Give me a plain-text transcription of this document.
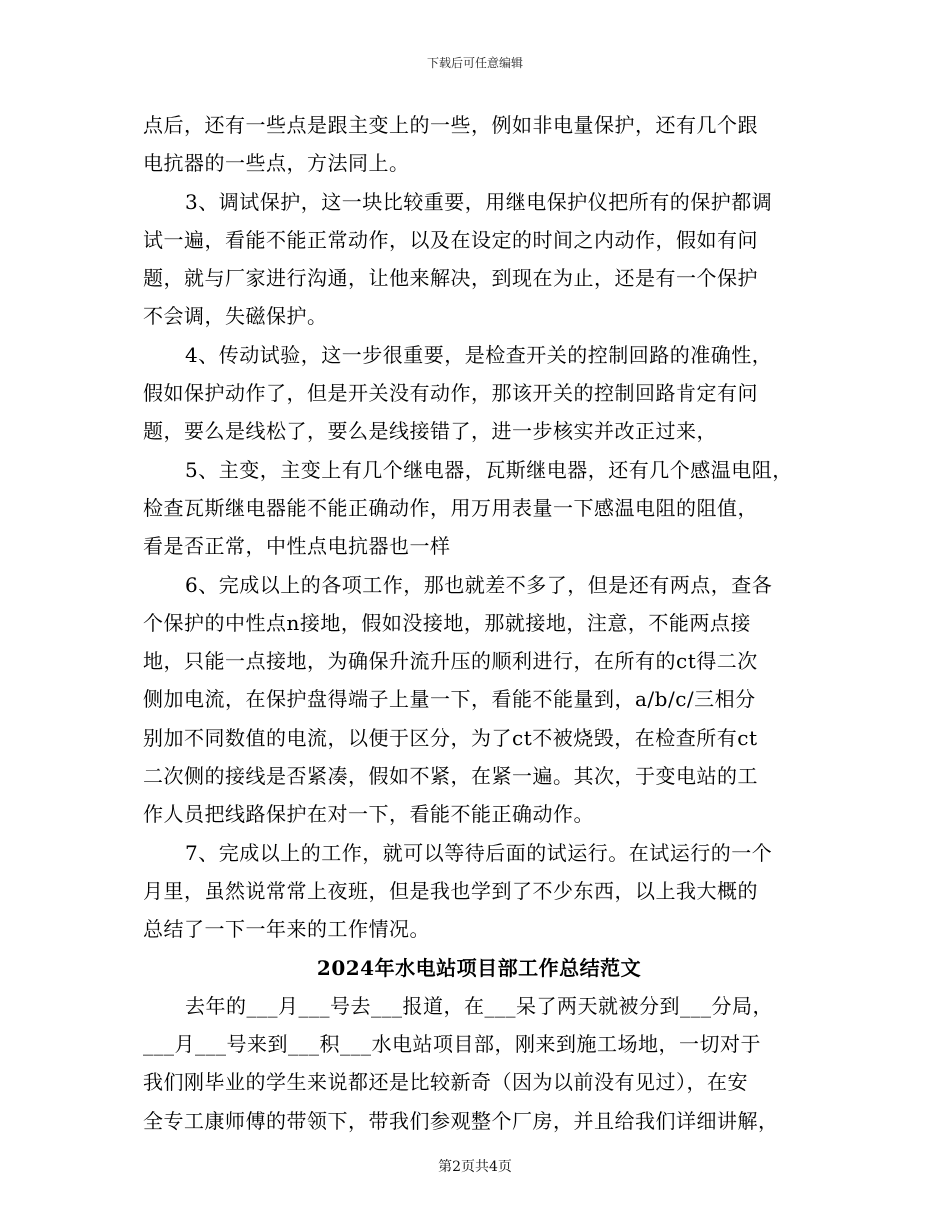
下载后可任意编辑
点后，还有一些点是跟主变上的一些，例如非电量保护，还有几个跟
电抗器的一些点，方法同上。
3、调试保护，这一块比较重要，用继电保护仪把所有的保护都调
试一遍，看能不能正常动作，以及在设定的时间之内动作，假如有问
题，就与厂家进行沟通，让他来解决，到现在为止，还是有一个保护
不会调，失磁保护。
4、传动试验，这一步很重要，是检查开关的控制回路的准确性，
假如保护动作了，但是开关没有动作，那该开关的控制回路肯定有问
题，要么是线松了，要么是线接错了，进一步核实并改正过来，
5、主变，主变上有几个继电器，瓦斯继电器，还有几个感温电阻，
检查瓦斯继电器能不能正确动作，用万用表量一下感温电阻的阻值，
看是否正常，中性点电抗器也一样
6、完成以上的各项工作，那也就差不多了，但是还有两点，查各
个保护的中性点n接地，假如没接地，那就接地，注意，不能两点接
地，只能一点接地，为确保升流升压的顺利进行，在所有的ct得二次
侧加电流，在保护盘得端子上量一下，看能不能量到，a/b/c/三相分
别加不同数值的电流，以便于区分，为了ct不被烧毁，在检查所有ct
二次侧的接线是否紧凑，假如不紧，在紧一遍。其次，于变电站的工
作人员把线路保护在对一下，看能不能正确动作。
7、完成以上的工作，就可以等待后面的试运行。在试运行的一个
月里，虽然说常常上夜班，但是我也学到了不少东西，以上我大概的
总结了一下一年来的工作情况。
2024年水电站项目部工作总结范文
去年的___月___号去___报道，在___呆了两天就被分到___分局，
___月___号来到___积___水电站项目部，刚来到施工场地，一切对于
我们刚毕业的学生来说都还是比较新奇（因为以前没有见过），在安
全专工康师傅的带领下，带我们参观整个厂房，并且给我们详细讲解，
第2页共4页
